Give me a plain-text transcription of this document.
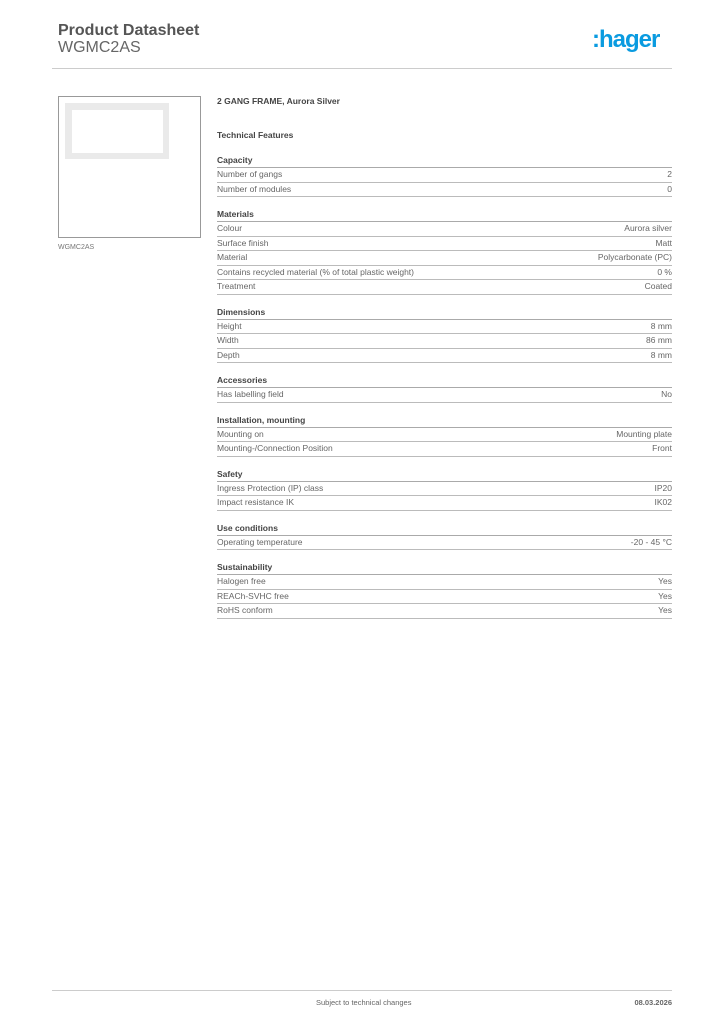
Product Datasheet
WGMC2AS	:hager
WGMC2AS
2 GANG FRAME, Aurora Silver
Technical Features
Capacity
Number of gangs	2
Number of modules	0
Materials
Colour	Aurora silver
Surface finish	Matt
Material	Polycarbonate (PC)
Contains recycled material (% of total plastic weight)	0 %
Treatment	Coated
Dimensions
Height	8 mm
Width	86 mm
Depth	8 mm
Accessories
Has labelling field	No
Installation, mounting
Mounting on	Mounting plate
Mounting-/Connection Position	Front
Safety
Ingress Protection (IP) class	IP20
Impact resistance IK	IK02
Use conditions
Operating temperature	-20 - 45 °C
Sustainability
Halogen free	Yes
REACh-SVHC free	Yes
RoHS conform	Yes
Subject to technical changes	08.03.2026
